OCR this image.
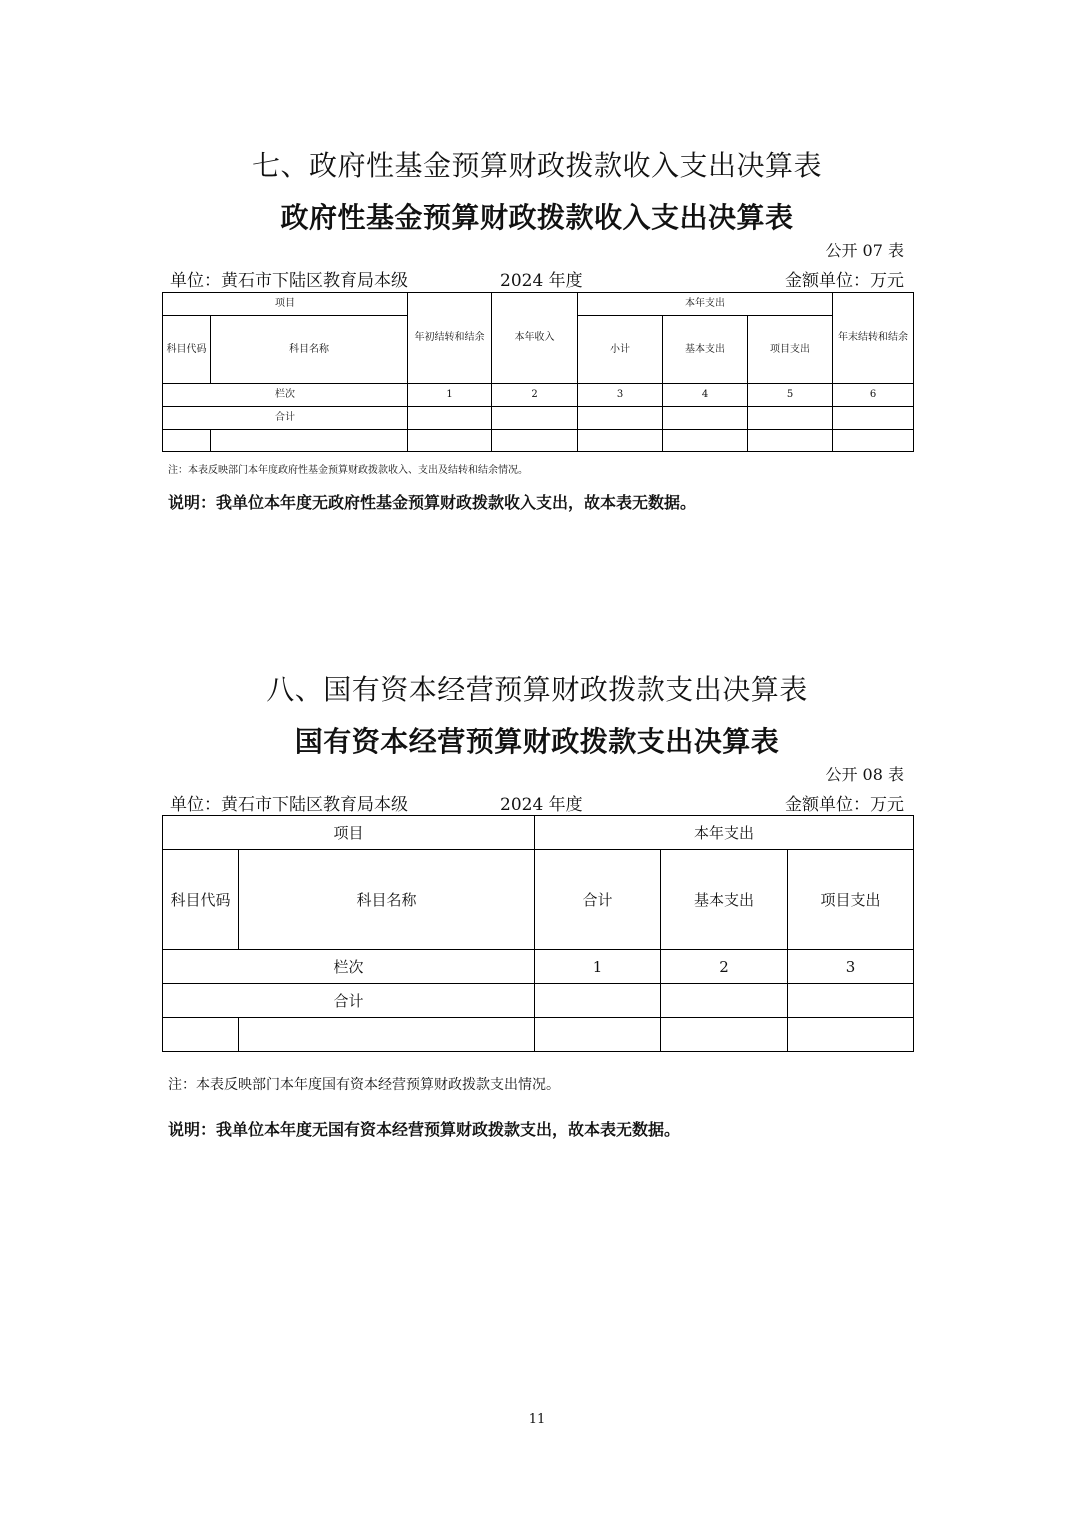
七、政府性基金预算财政拨款收入支出决算表
政府性基金预算财政拨款收入支出决算表
公开 07 表
单位：黄石市下陆区教育局本级	2024 年度	金额单位：万元
项目		年初结转和结余	本年收入	本年支出			年末结转和结余
科目代码	科目名称			小计	基本支出	项目支出	
栏次		1	2	3	4	5	6
合计							

注：本表反映部门本年度政府性基金预算财政拨款收入、支出及结转和结余情况。
说明：我单位本年度无政府性基金预算财政拨款收入支出，故本表无数据。
八、国有资本经营预算财政拨款支出决算表
国有资本经营预算财政拨款支出决算表
公开 08 表
单位：黄石市下陆区教育局本级	2024 年度	金额单位：万元
项目		本年支出		
科目代码	科目名称	合计	基本支出	项目支出
栏次		1	2	3
合计				

注：本表反映部门本年度国有资本经营预算财政拨款支出情况。
说明：我单位本年度无国有资本经营预算财政拨款支出，故本表无数据。
11
